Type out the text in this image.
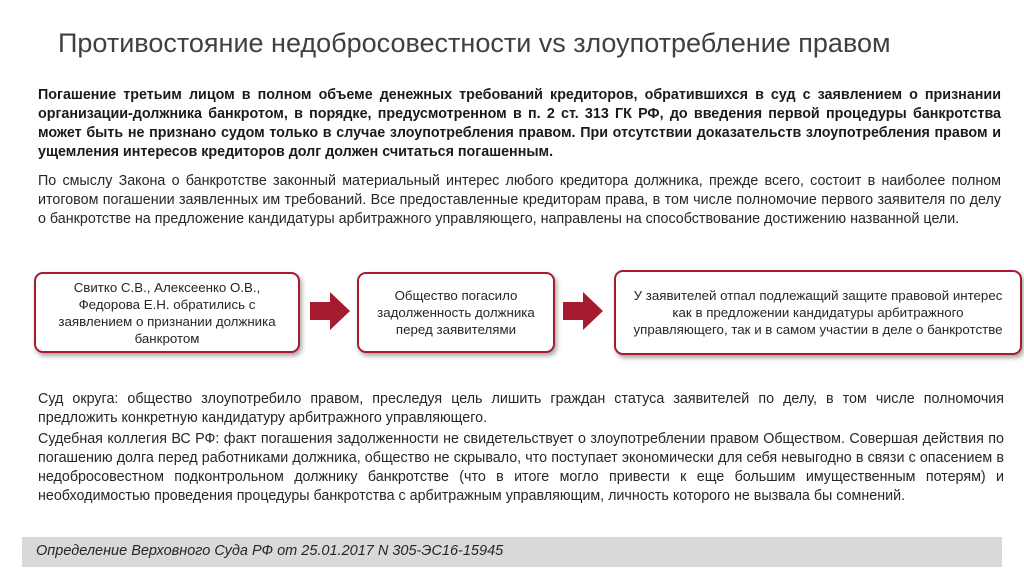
Противостояние недобросовестности vs злоупотребление правом
Погашение третьим лицом в полном объеме денежных требований кредиторов, обратившихся в суд с заявлением о признании организации-должника банкротом, в порядке, предусмотренном в п. 2 ст. 313 ГК РФ, до введения первой процедуры банкротства может быть не признано судом только в случае злоупотребления правом. При отсутствии доказательств злоупотребления правом и ущемления интересов кредиторов долг должен считаться погашенным.
По смыслу Закона о банкротстве законный материальный интерес любого кредитора должника, прежде всего, состоит в наиболее полном итоговом погашении заявленных им требований. Все предоставленные кредиторам права, в том числе полномочие первого заявителя по делу о банкротстве на предложение кандидатуры арбитражного управляющего, направлены на способствование достижению названной цели.
Свитко С.В., Алексеенко О.В., Федорова Е.Н. обратились с заявлением о признании должника банкротом
Общество погасило задолженность должника перед заявителями
У заявителей отпал подлежащий защите правовой интерес как в предложении кандидатуры арбитражного управляющего, так и в самом участии в деле о банкротстве
Суд округа: общество злоупотребило правом, преследуя цель лишить граждан статуса заявителей по делу, в том числе полномочия предложить конкретную кандидатуру арбитражного управляющего.
Судебная коллегия ВС РФ: факт погашения задолженности не свидетельствует о злоупотреблении правом Обществом. Совершая действия по погашению долга перед работниками должника, общество не скрывало, что поступает экономически для себя невыгодно в связи с опасением в недобросовестном подконтрольном должнику банкротстве (что в итоге могло привести к еще большим имущественным потерям) и необходимостью проведения процедуры банкротства с арбитражным управляющим, личность которого не вызвала бы сомнений.
Определение Верховного Суда РФ от 25.01.2017 N 305-ЭС16-15945
